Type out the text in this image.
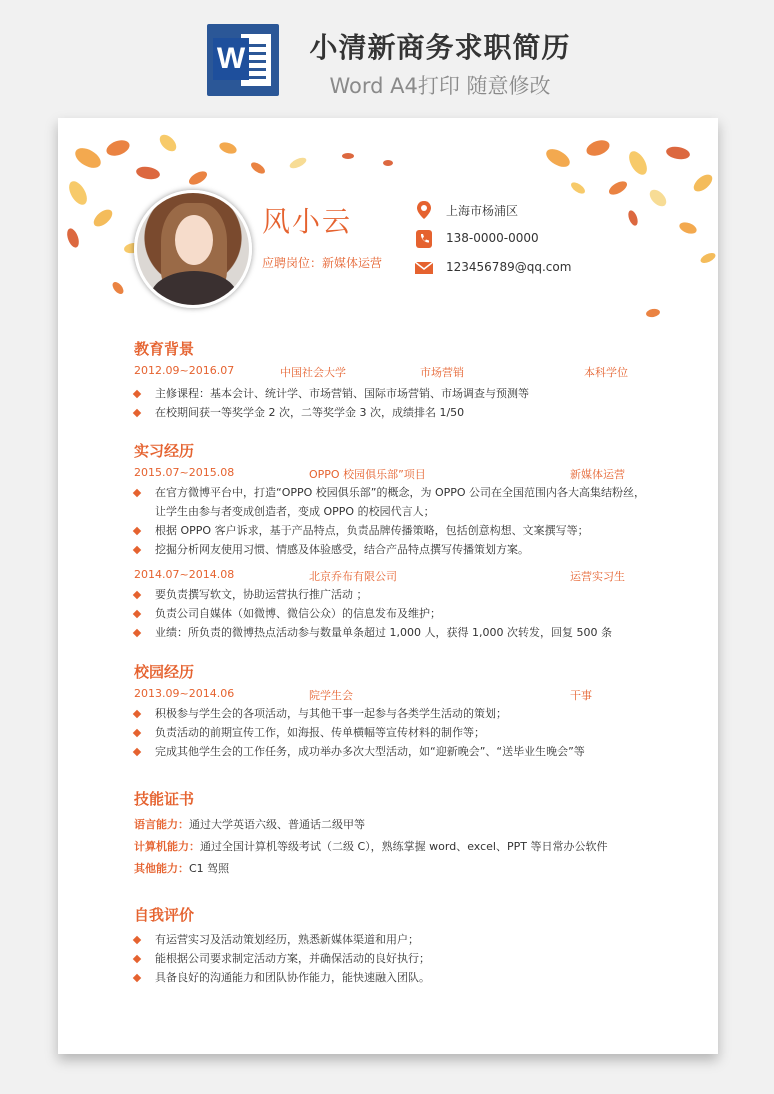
W	小清新商务求职简历
Word A4打印 随意修改
风小云
应聘岗位：新媒体运营
上海市杨浦区
138-0000-0000
123456789@qq.com
教育背景
2012.09~2016.07	中国社会大学	市场营销	本科学位
主修课程：基本会计、统计学、市场营销、国际市场营销、市场调查与预测等
在校期间获一等奖学金 2 次，二等奖学金 3 次，成绩排名 1/50
实习经历
2015.07~2015.08	OPPO 校园俱乐部”项目	新媒体运营
在官方微博平台中，打造“OPPO 校园俱乐部”的概念，为 OPPO 公司在全国范围内各大高集结粉丝，
让学生由参与者变成创造者，变成 OPPO 的校园代言人；
根据 OPPO 客户诉求，基于产品特点，负责品牌传播策略，包括创意构想、文案撰写等；
挖掘分析网友使用习惯、情感及体验感受，结合产品特点撰写传播策划方案。
2014.07~2014.08	北京乔布有限公司	运营实习生
要负责撰写软文，协助运营执行推广活动 ；
负责公司自媒体（如微博、微信公众）的信息发布及维护；
业绩：所负责的微博热点活动参与数量单条超过 1,000 人，获得 1,000 次转发，回复 500 条
校园经历
2013.09~2014.06	院学生会	干事
积极参与学生会的各项活动，与其他干事一起参与各类学生活动的策划；
负责活动的前期宣传工作，如海报、传单横幅等宣传材料的制作等；
完成其他学生会的工作任务，成功举办多次大型活动，如“迎新晚会”、“送毕业生晚会”等
技能证书
语言能力：通过大学英语六级、普通话二级甲等
计算机能力：通过全国计算机等级考试（二级 C），熟练掌握 word、excel、PPT 等日常办公软件
其他能力：C1 驾照
自我评价
有运营实习及活动策划经历，熟悉新媒体渠道和用户；
能根据公司要求制定活动方案，并确保活动的良好执行；
具备良好的沟通能力和团队协作能力，能快速融入团队。
